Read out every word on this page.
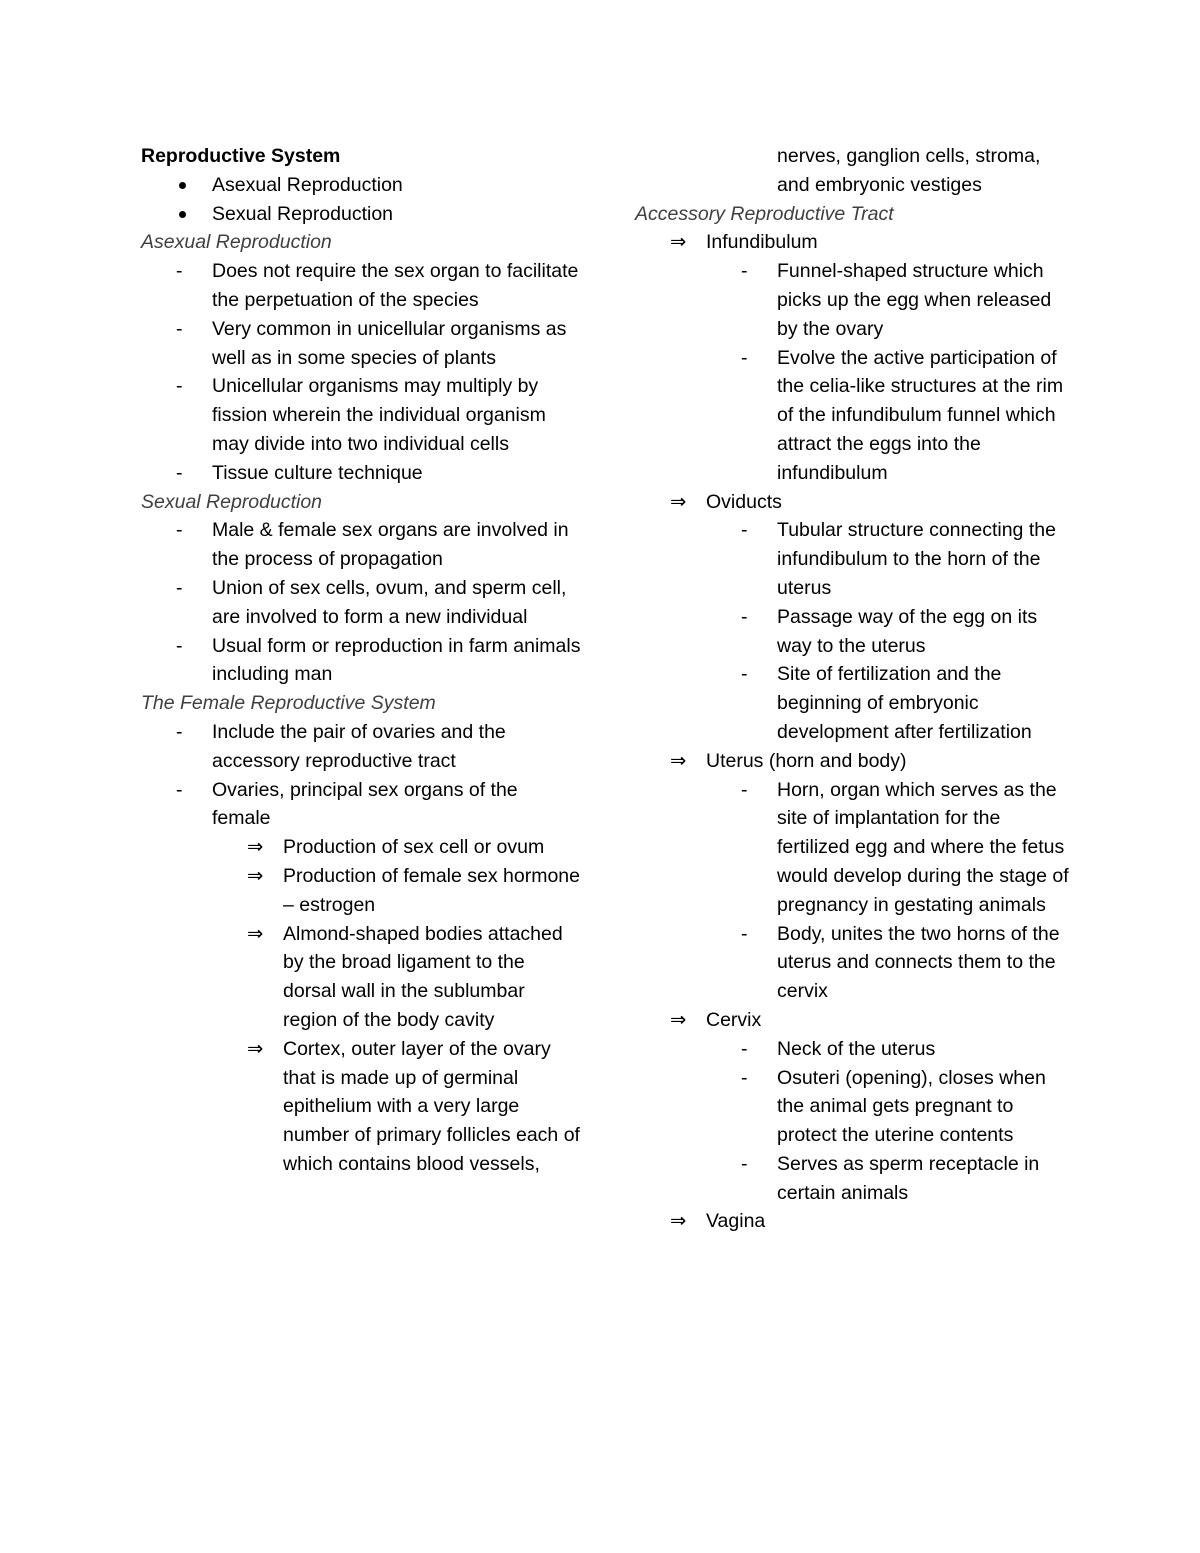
Reproductive System
Asexual Reproduction
Sexual Reproduction
Asexual Reproduction
- Does not require the sex organ to facilitate the perpetuation of the species
- Very common in unicellular organisms as well as in some species of plants
- Unicellular organisms may multiply by fission wherein the individual organism may divide into two individual cells
- Tissue culture technique
Sexual Reproduction
- Male & female sex organs are involved in the process of propagation
- Union of sex cells, ovum, and sperm cell, are involved to form a new individual
- Usual form or reproduction in farm animals including man
The Female Reproductive System
- Include the pair of ovaries and the accessory reproductive tract
- Ovaries, principal sex organs of the female
⇒ Production of sex cell or ovum
⇒ Production of female sex hormone – estrogen
⇒ Almond-shaped bodies attached by the broad ligament to the dorsal wall in the sublumbar region of the body cavity
⇒ Cortex, outer layer of the ovary that is made up of germinal epithelium with a very large number of primary follicles each of which contains blood vessels,
nerves, ganglion cells, stroma, and embryonic vestiges
Accessory Reproductive Tract
⇒ Infundibulum
- Funnel-shaped structure which picks up the egg when released by the ovary
- Evolve the active participation of the celia-like structures at the rim of the infundibulum funnel which attract the eggs into the infundibulum
⇒ Oviducts
- Tubular structure connecting the infundibulum to the horn of the uterus
- Passage way of the egg on its way to the uterus
- Site of fertilization and the beginning of embryonic development after fertilization
⇒ Uterus (horn and body)
- Horn, organ which serves as the site of implantation for the fertilized egg and where the fetus would develop during the stage of pregnancy in gestating animals
- Body, unites the two horns of the uterus and connects them to the cervix
⇒ Cervix
- Neck of the uterus
- Osuteri (opening), closes when the animal gets pregnant to protect the uterine contents
- Serves as sperm receptacle in certain animals
⇒ Vagina
